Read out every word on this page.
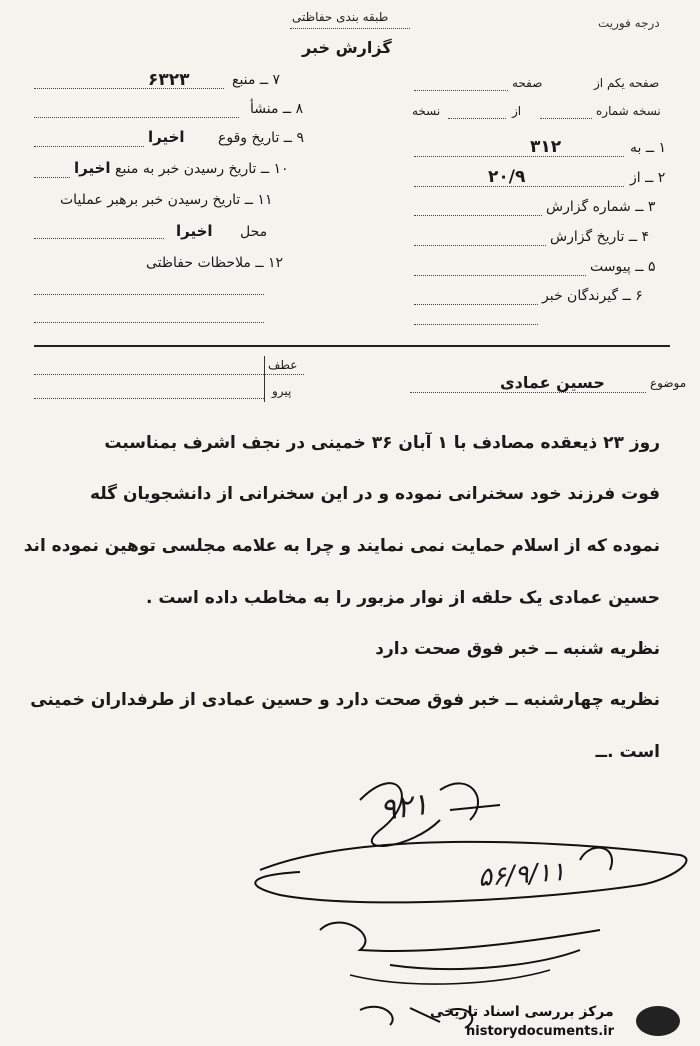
طبقه بندی حفاظتی
گزارش خبر
درجه فوریت
۷ ــ منبع
۶۳۲۳
۸ ــ منشأ
۹ ــ تاریخ وقوع
اخیرا
۱۰ ــ تاریخ رسیدن خبر به منبع
اخیرا
۱۱ ــ تاریخ رسیدن خبر برهبر عملیات
محل
اخیرا
۱۲ ــ ملاحظات حفاظتی
صفحه یکم از
صفحه
نسخه شماره
از
نسخه
۱ ــ به
۳۱۲
۲ ــ از
۲۰/۹
۳ ــ شماره گزارش
۴ ــ تاریخ گزارش
۵ ــ پیوست
۶ ــ گیرندگان خبر
موضوع
حسین عمادی
عطف
پیرو
روز ۲۳ ذیعقده مصادف با ۱ آبان ۳۶ خمینی در نجف اشرف بمناسبت
فوت فرزند خود سخنرانی نموده و در این سخنرانی از دانشجویان گله
نموده که از اسلام حمایت نمی نمایند و چرا به علامه مجلسی توهین نموده اند
حسین عمادی یک حلقه از نوار مزبور را به مخاطب داده است .
نظریه شنبه ــ خبر فوق صحت دارد
نظریه چهارشنبه ــ خبر فوق صحت دارد و حسین عمادی از طرفداران خمینی
است .ــ
۹۲۱
۵۶/۹/۱۱
مرکز بررسی اسناد تاریخی
historydocuments.ir
